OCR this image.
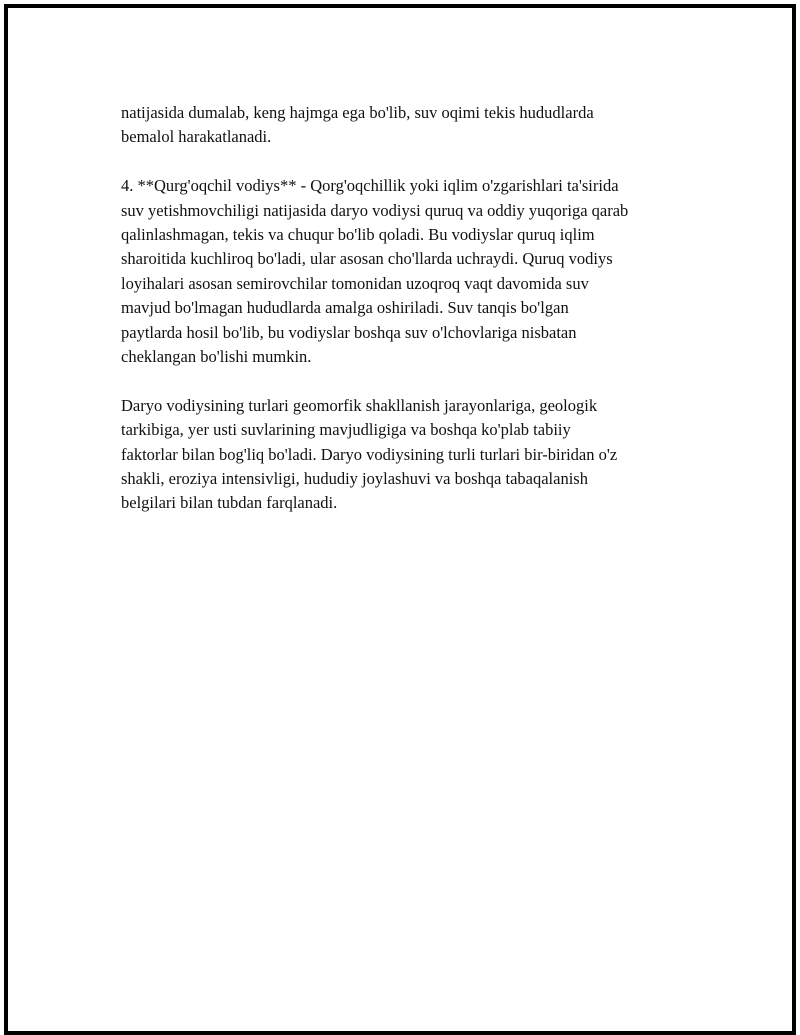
natijasida dumalab, keng hajmga ega bo'lib, suv oqimi tekis hududlarda
bemalol harakatlanadi.

4. **Qurg'oqchil vodiys** - Qorg'oqchillik yoki iqlim o'zgarishlari ta'sirida
suv yetishmovchiligi natijasida daryo vodiysi quruq va oddiy yuqoriga qarab
qalinlashmagan, tekis va chuqur bo'lib qoladi. Bu vodiyslar quruq iqlim
sharoitida kuchliroq bo'ladi, ular asosan cho'llarda uchraydi. Quruq vodiys
loyihalari asosan semirovchilar tomonidan uzoqroq vaqt davomida suv
mavjud bo'lmagan hududlarda amalga oshiriladi. Suv tanqis bo'lgan
paytlarda hosil bo'lib, bu vodiyslar boshqa suv o'lchovlariga nisbatan
cheklangan bo'lishi mumkin.

Daryo vodiysining turlari geomorfik shakllanish jarayonlariga, geologik
tarkibiga, yer usti suvlarining mavjudligiga va boshqa ko'plab tabiiy
faktorlar bilan bog'liq bo'ladi. Daryo vodiysining turli turlari bir-biridan o'z
shakli, eroziya intensivligi, hududiy joylashuvi va boshqa tabaqalanish
belgilari bilan tubdan farqlanadi.
